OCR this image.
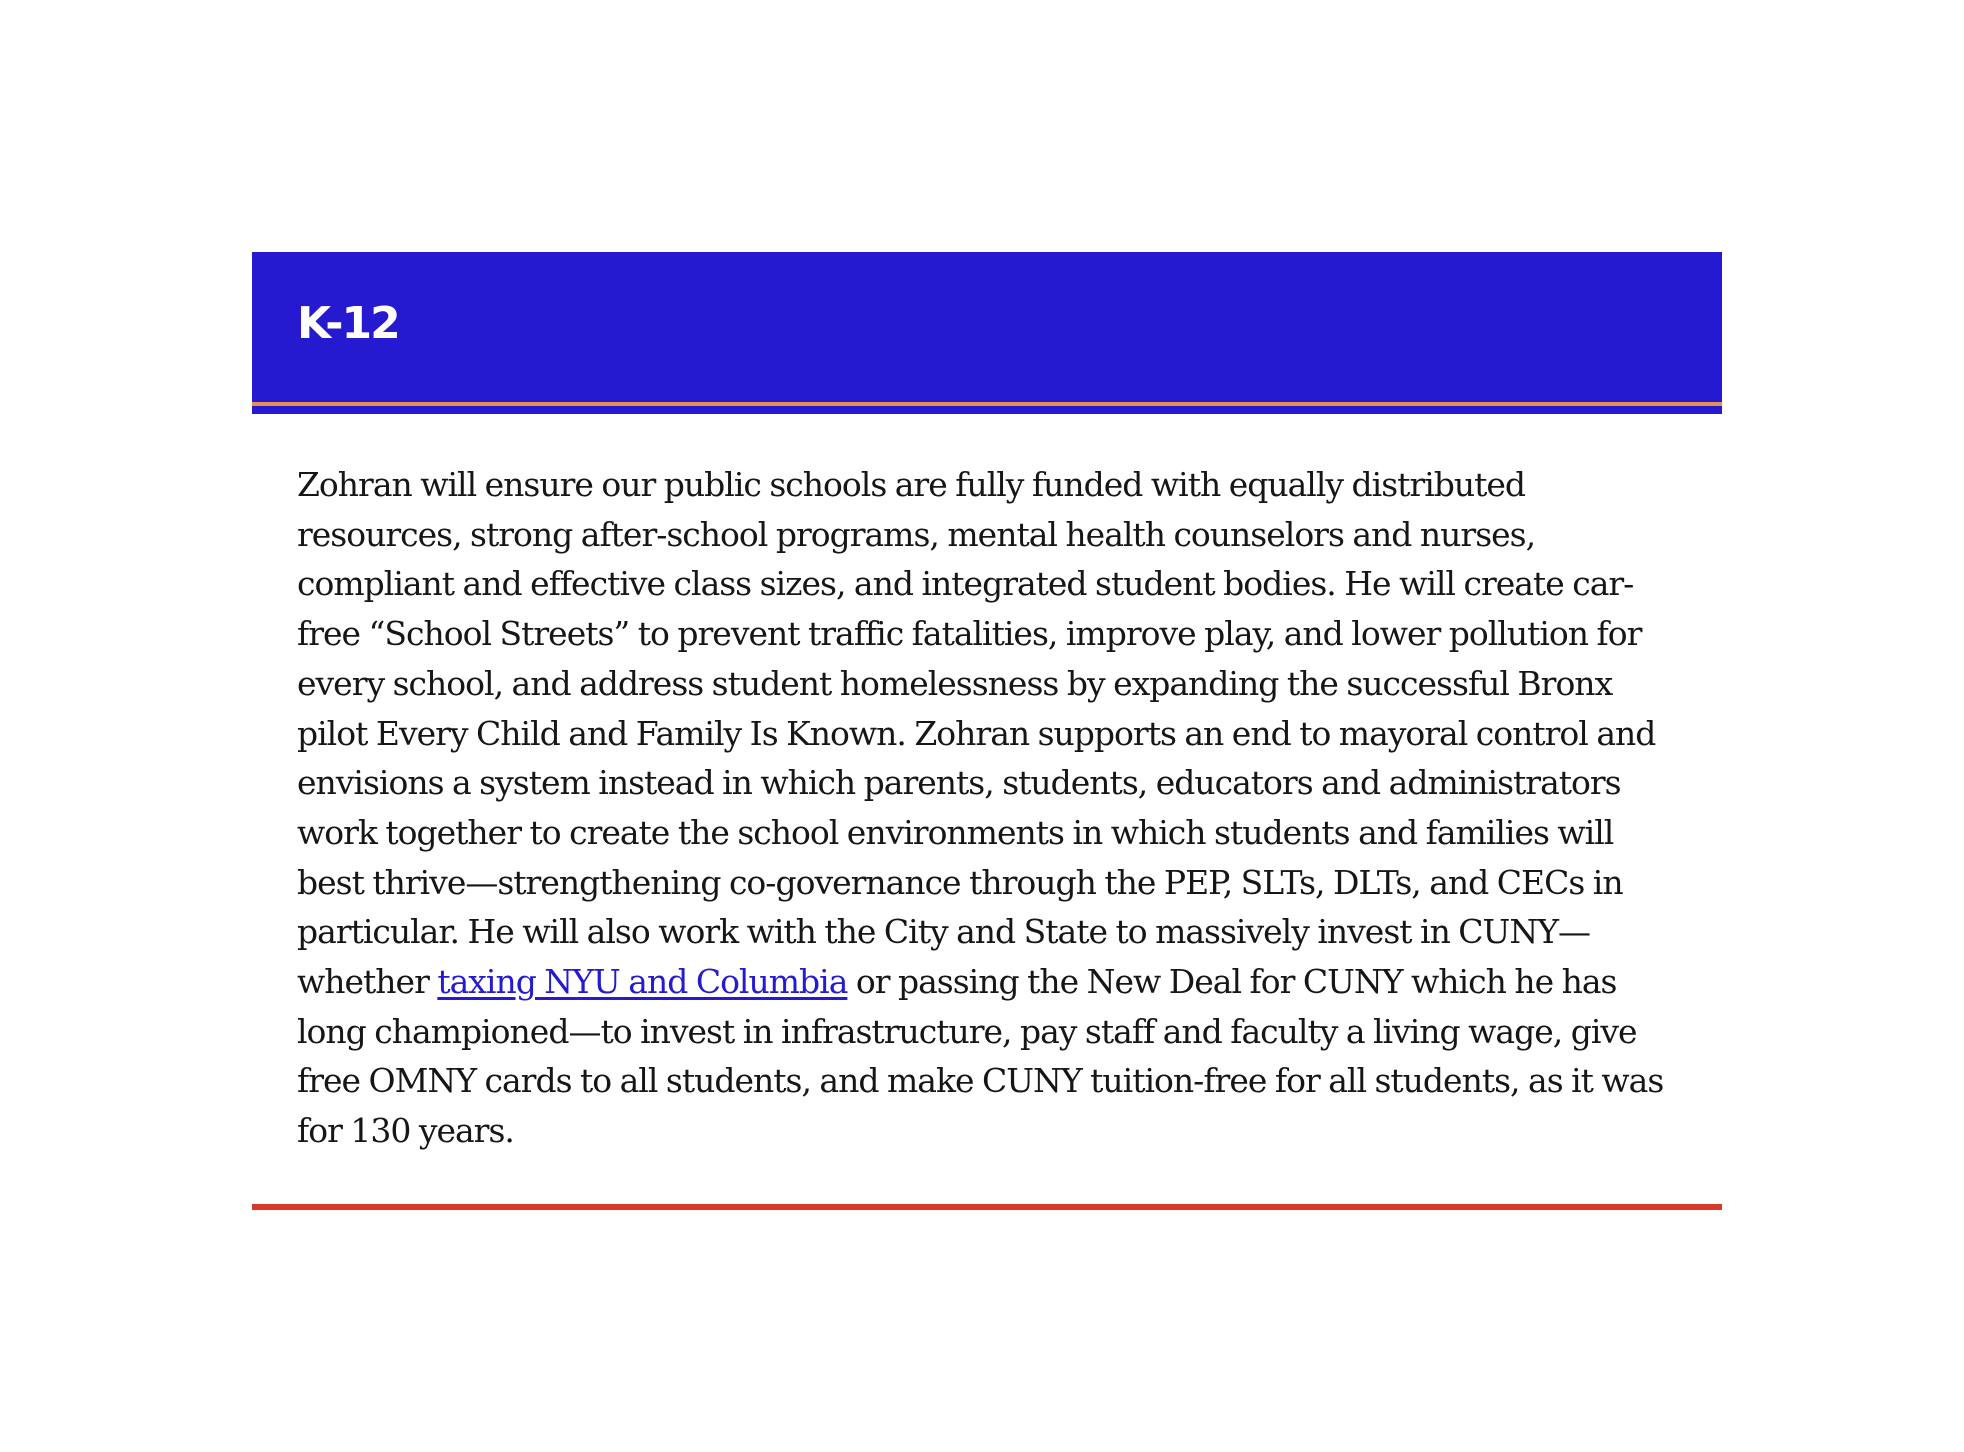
K-12

Zohran will ensure our public schools are fully funded with equally distributed resources, strong after-school programs, mental health counselors and nurses, compliant and effective class sizes, and integrated student bodies. He will create car-free “School Streets” to prevent traffic fatalities, improve play, and lower pollution for every school, and address student homelessness by expanding the successful Bronx pilot Every Child and Family Is Known. Zohran supports an end to mayoral control and envisions a system instead in which parents, students, educators and administrators work together to create the school environments in which students and families will best thrive—strengthening co-governance through the PEP, SLTs, DLTs, and CECs in particular. He will also work with the City and State to massively invest in CUNY—whether taxing NYU and Columbia or passing the New Deal for CUNY which he has long championed—to invest in infrastructure, pay staff and faculty a living wage, give free OMNY cards to all students, and make CUNY tuition-free for all students, as it was for 130 years.
